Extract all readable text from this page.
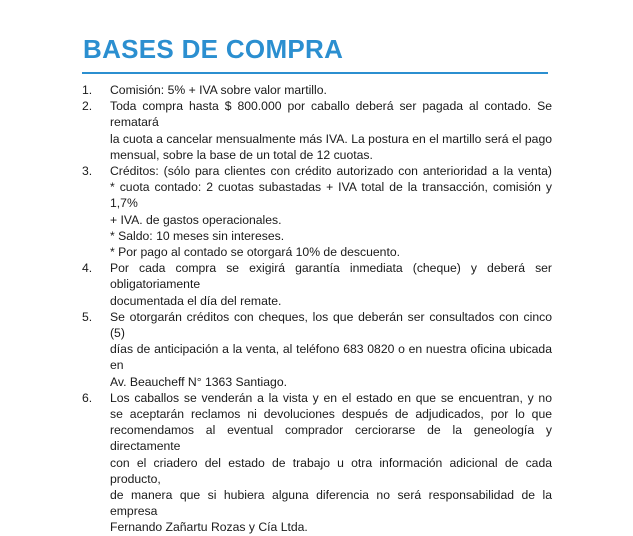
BASES DE COMPRA
1. Comisión: 5% + IVA sobre valor martillo.
2. Toda compra hasta $ 800.000 por caballo deberá ser pagada al contado. Se rematará
la cuota a cancelar mensualmente más IVA. La postura en el martillo será el pago
mensual, sobre la base de un total de 12 cuotas.
3. Créditos: (sólo para clientes con crédito autorizado con anterioridad a la venta)
* cuota contado: 2 cuotas subastadas + IVA total de la transacción, comisión y 1,7%
+ IVA. de gastos operacionales.
* Saldo: 10 meses sin intereses.
* Por pago al contado se otorgará 10% de descuento.
4. Por cada compra se exigirá garantía inmediata (cheque) y deberá ser obligatoriamente
documentada el día del remate.
5. Se otorgarán créditos con cheques, los que deberán ser consultados con cinco (5)
días de anticipación a la venta, al teléfono 683 0820 o en nuestra oficina ubicada en
Av. Beaucheff N° 1363 Santiago.
6. Los caballos se venderán a la vista y en el estado en que se encuentran, y no
se aceptarán reclamos ni devoluciones después de adjudicados, por lo que
recomendamos al eventual comprador cerciorarse de la geneología y directamente
con el criadero del estado de trabajo u otra información adicional de cada producto,
de manera que si hubiera alguna diferencia no será responsabilidad de la empresa
Fernando Zañartu Rozas y Cía Ltda.
